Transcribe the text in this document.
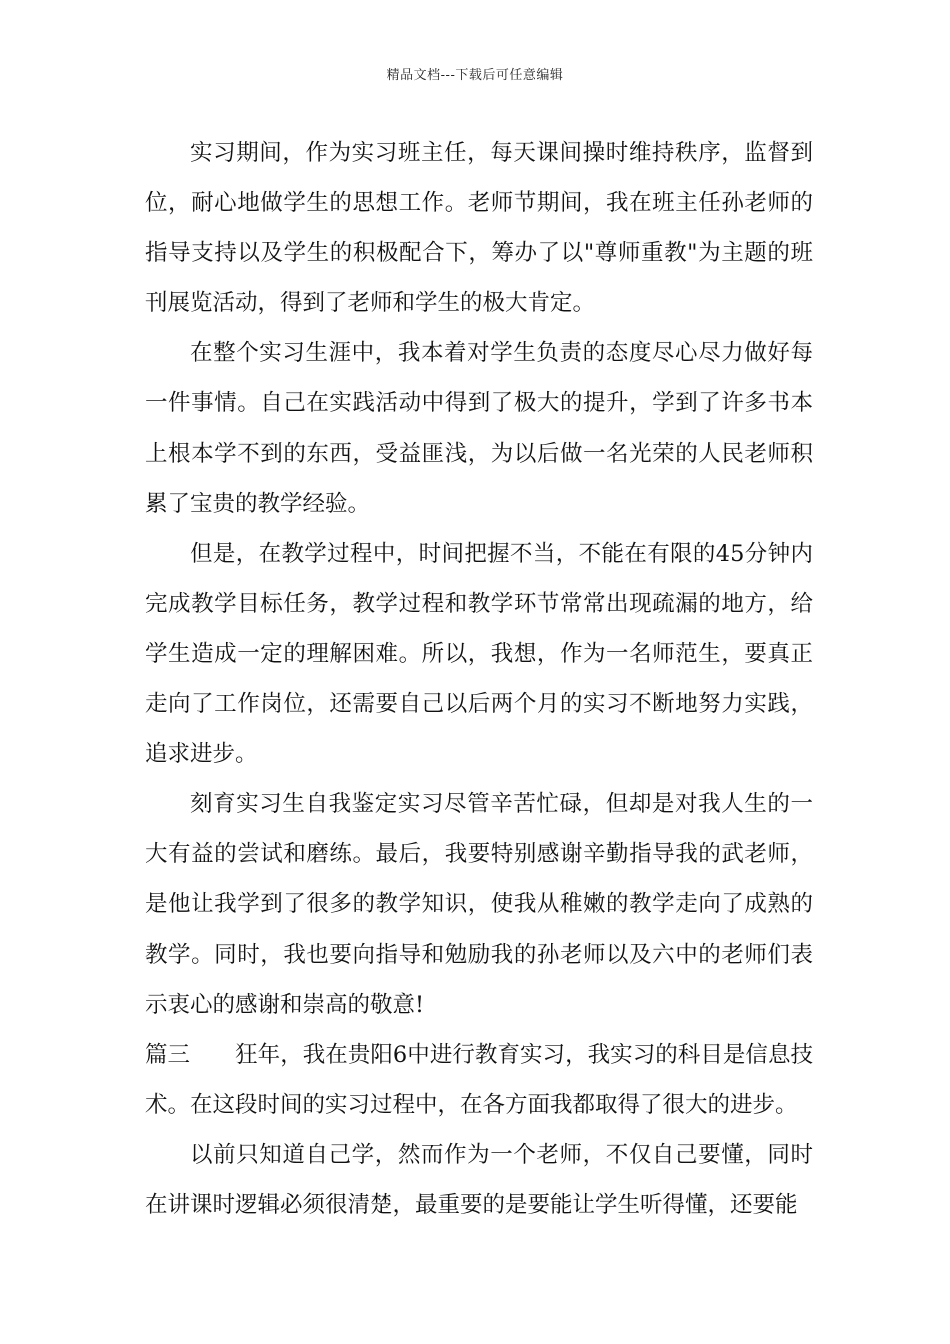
精品文档---下载后可任意编辑

实习期间，作为实习班主任，每天课间操时维持秩序，监督到位，耐心地做学生的思想工作。老师节期间，我在班主任孙老师的指导支持以及学生的积极配合下，筹办了以"尊师重教"为主题的班刊展览活动，得到了老师和学生的极大肯定。

在整个实习生涯中，我本着对学生负责的态度尽心尽力做好每一件事情。自己在实践活动中得到了极大的提升，学到了许多书本上根本学不到的东西，受益匪浅，为以后做一名光荣的人民老师积累了宝贵的教学经验。

但是，在教学过程中，时间把握不当，不能在有限的45分钟内完成教学目标任务，教学过程和教学环节常常出现疏漏的地方，给学生造成一定的理解困难。所以，我想，作为一名师范生，要真正走向了工作岗位，还需要自己以后两个月的实习不断地努力实践，追求进步。

刻育实习生自我鉴定实习尽管辛苦忙碌，但却是对我人生的一大有益的尝试和磨练。最后，我要特别感谢辛勤指导我的武老师，是他让我学到了很多的教学知识，使我从稚嫩的教学走向了成熟的教学。同时，我也要向指导和勉励我的孙老师以及六中的老师们表示衷心的感谢和崇高的敬意!

篇三 狂年，我在贵阳6中进行教育实习，我实习的科目是信息技术。在这段时间的实习过程中，在各方面我都取得了很大的进步。

以前只知道自己学，然而作为一个老师，不仅自己要懂，同时在讲课时逻辑必须很清楚，最重要的是要能让学生听得懂，还要能
